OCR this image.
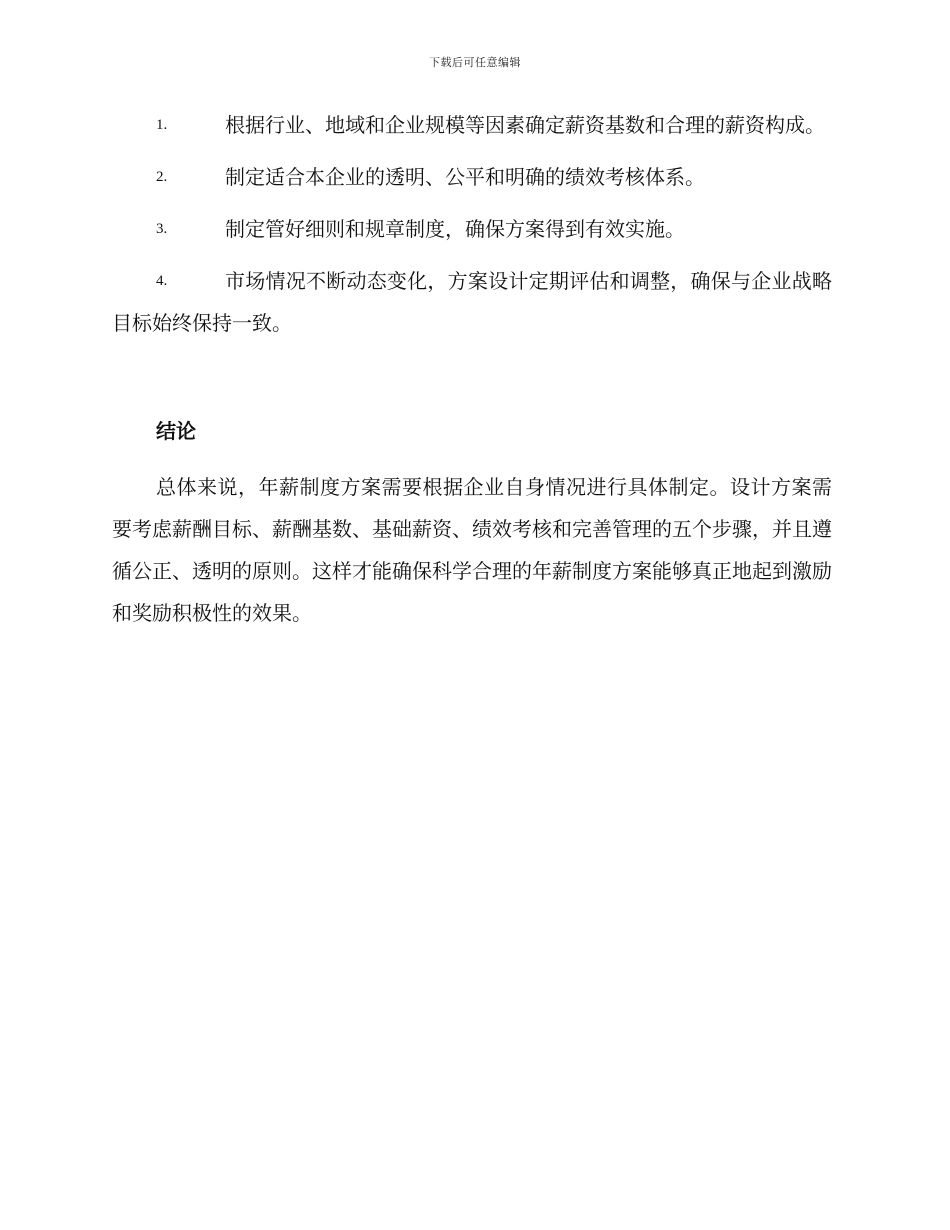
下载后可任意编辑
1.	根据行业、地域和企业规模等因素确定薪资基数和合理的薪资构成。
2.	制定适合本企业的透明、公平和明确的绩效考核体系。
3.	制定管好细则和规章制度，确保方案得到有效实施。
4.	市场情况不断动态变化，方案设计定期评估和调整，确保与企业战略目标始终保持一致。
结论
总体来说，年薪制度方案需要根据企业自身情况进行具体制定。设计方案需要考虑薪酬目标、薪酬基数、基础薪资、绩效考核和完善管理的五个步骤，并且遵循公正、透明的原则。这样才能确保科学合理的年薪制度方案能够真正地起到激励和奖励积极性的效果。
